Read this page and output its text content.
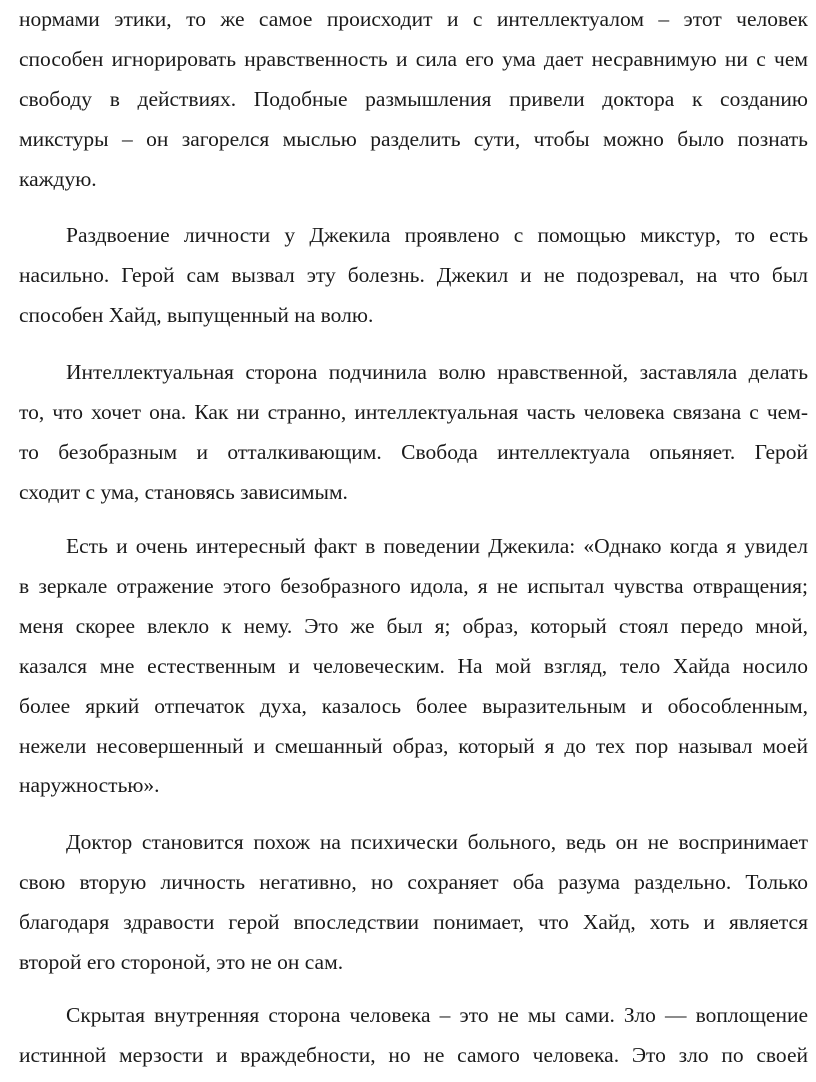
нормами этики, то же самое происходит и с интеллектуалом – этот человек
способен игнорировать нравственность и сила его ума дает несравнимую ни с чем
свободу в действиях. Подобные размышления привели доктора к созданию
микстуры – он загорелся мыслью разделить сути, чтобы можно было познать
каждую.
Раздвоение личности у Джекила проявлено с помощью микстур, то есть
насильно. Герой сам вызвал эту болезнь. Джекил и не подозревал, на что был
способен Хайд, выпущенный на волю.
Интеллектуальная сторона подчинила волю нравственной, заставляла делать
то, что хочет она. Как ни странно, интеллектуальная часть человека связана с чем-
то безобразным и отталкивающим. Свобода интеллектуала опьяняет. Герой
сходит с ума, становясь зависимым.
Есть и очень интересный факт в поведении Джекила: «Однако когда я увидел
в зеркале отражение этого безобразного идола, я не испытал чувства отвращения;
меня скорее влекло к нему. Это же был я; образ, который стоял передо мной,
казался мне естественным и человеческим. На мой взгляд, тело Хайда носило
более яркий отпечаток духа, казалось более выразительным и обособленным,
нежели несовершенный и смешанный образ, который я до тех пор называл моей
наружностью».
Доктор становится похож на психически больного, ведь он не воспринимает
свою вторую личность негативно, но сохраняет оба разума раздельно. Только
благодаря здравости герой впоследствии понимает, что Хайд, хоть и является
второй его стороной, это не он сам.
Скрытая внутренняя сторона человека – это не мы сами. Зло — воплощение
истинной мерзости и враждебности, но не самого человека. Это зло по своей
